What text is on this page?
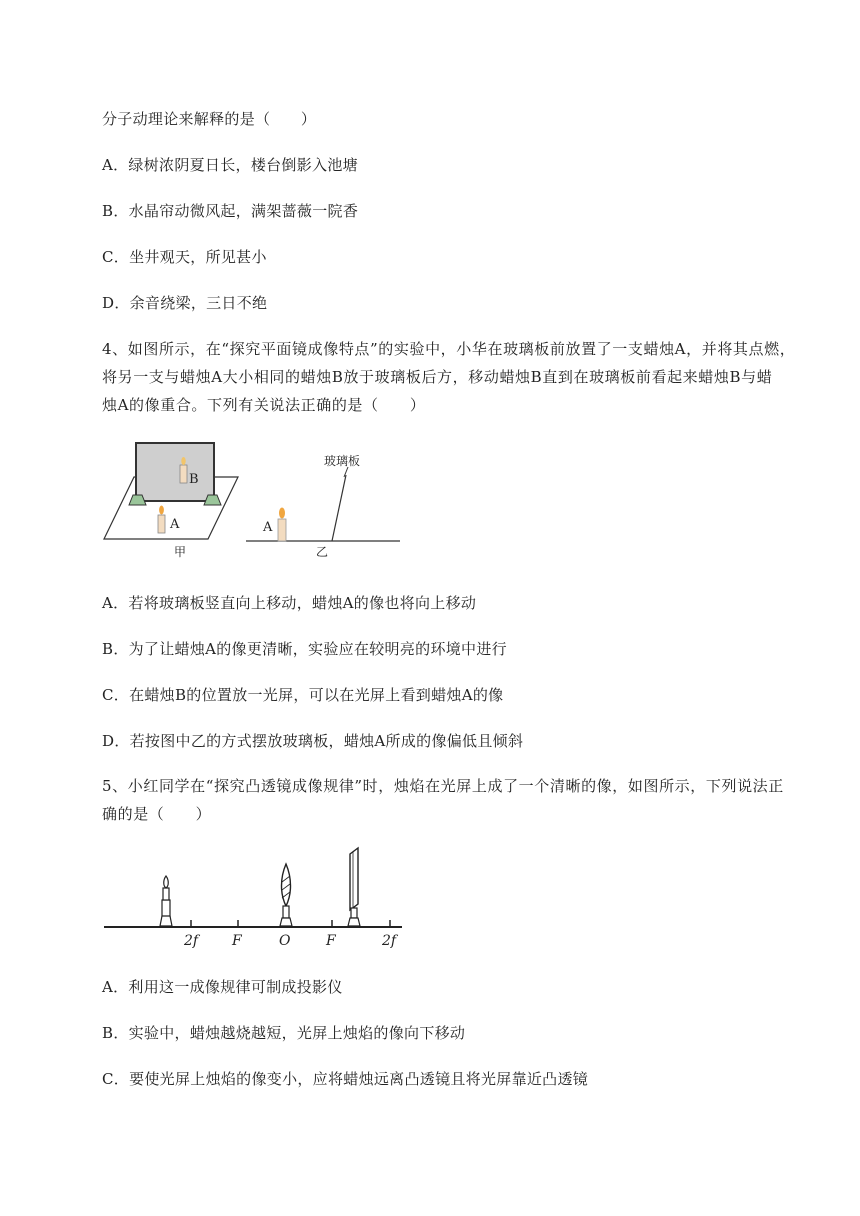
分子动理论来解释的是（　　）
A．绿树浓阴夏日长，楼台倒影入池塘
B．水晶帘动微风起，满架蔷薇一院香
C．坐井观天，所见甚小
D．余音绕梁，三日不绝
4、如图所示，在“探究平面镜成像特点”的实验中，小华在玻璃板前放置了一支蜡烛A，并将其点燃，
将另一支与蜡烛A大小相同的蜡烛B放于玻璃板后方，移动蜡烛B直到在玻璃板前看起来蜡烛B与蜡
烛A的像重合。下列有关说法正确的是（　　）
B
A
甲
玻璃板
A
乙
A．若将玻璃板竖直向上移动，蜡烛A的像也将向上移动
B．为了让蜡烛A的像更清晰，实验应在较明亮的环境中进行
C．在蜡烛B的位置放一光屏，可以在光屏上看到蜡烛A的像
D．若按图中乙的方式摆放玻璃板，蜡烛A所成的像偏低且倾斜
5、小红同学在“探究凸透镜成像规律”时，烛焰在光屏上成了一个清晰的像，如图所示，下列说法正
确的是（　　）
2f F	O	F	2f
A．利用这一成像规律可制成投影仪
B．实验中，蜡烛越烧越短，光屏上烛焰的像向下移动
C．要使光屏上烛焰的像变小，应将蜡烛远离凸透镜且将光屏靠近凸透镜
